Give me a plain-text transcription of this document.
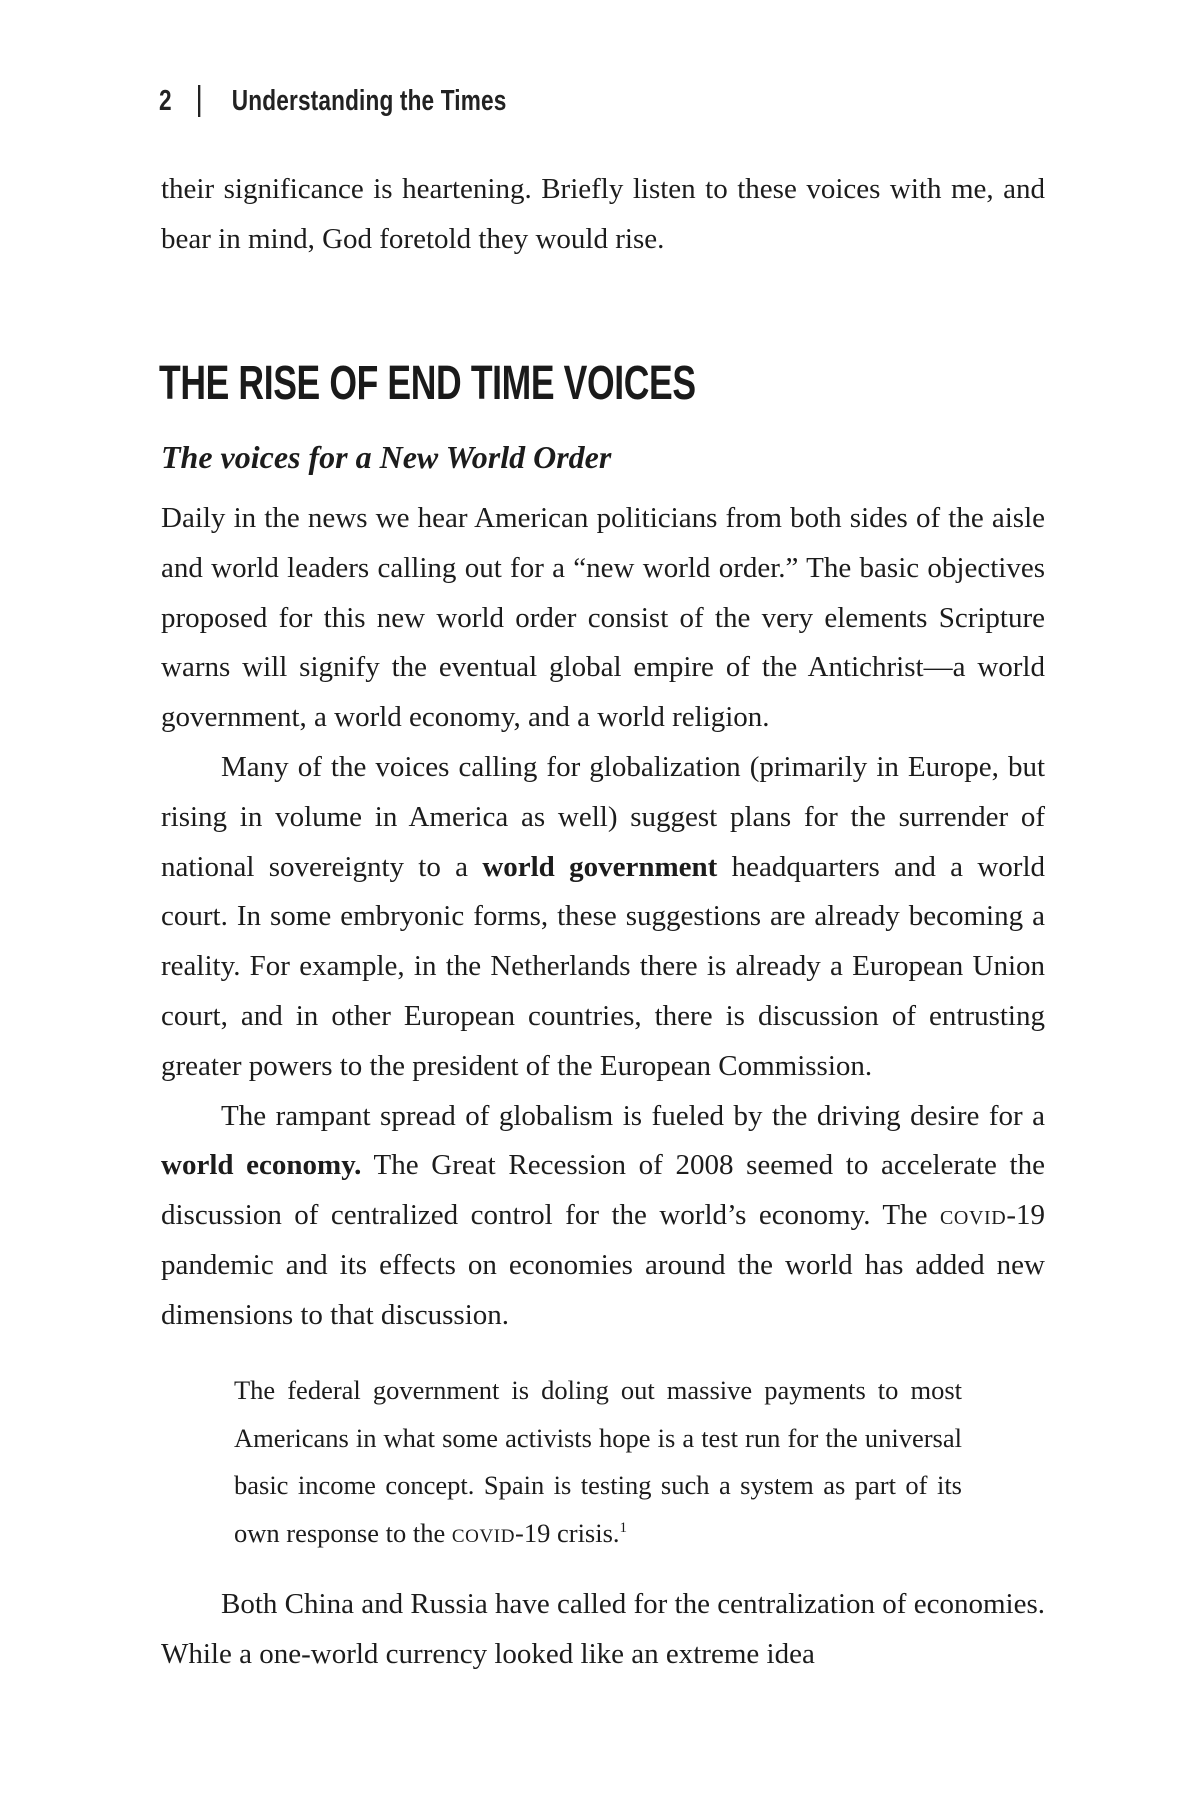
2 Understanding the Times

their significance is heartening. Briefly listen to these voices with me, and bear in mind, God foretold they would rise.

THE RISE OF END TIME VOICES
The voices for a New World Order

Daily in the news we hear American politicians from both sides of the aisle and world leaders calling out for a “new world order.” The basic objectives proposed for this new world order consist of the very elements Scripture warns will signify the eventual global empire of the Antichrist—a world government, a world economy, and a world religion.

Many of the voices calling for globalization (primarily in Europe, but rising in volume in America as well) suggest plans for the surrender of national sovereignty to a world government headquarters and a world court. In some embryonic forms, these suggestions are already becoming a reality. For example, in the Netherlands there is already a European Union court, and in other European countries, there is discussion of entrusting greater powers to the president of the European Commission.

The rampant spread of globalism is fueled by the driving desire for a world economy. The Great Recession of 2008 seemed to accelerate the discussion of centralized control for the world’s economy. The covid-19 pandemic and its effects on economies around the world has added new dimensions to that discussion.

The federal government is doling out massive payments to most Americans in what some activists hope is a test run for the universal basic income concept. Spain is testing such a system as part of its own response to the covid-19 crisis.$^1$

Both China and Russia have called for the centralization of economies. While a one-world currency looked like an extreme idea
